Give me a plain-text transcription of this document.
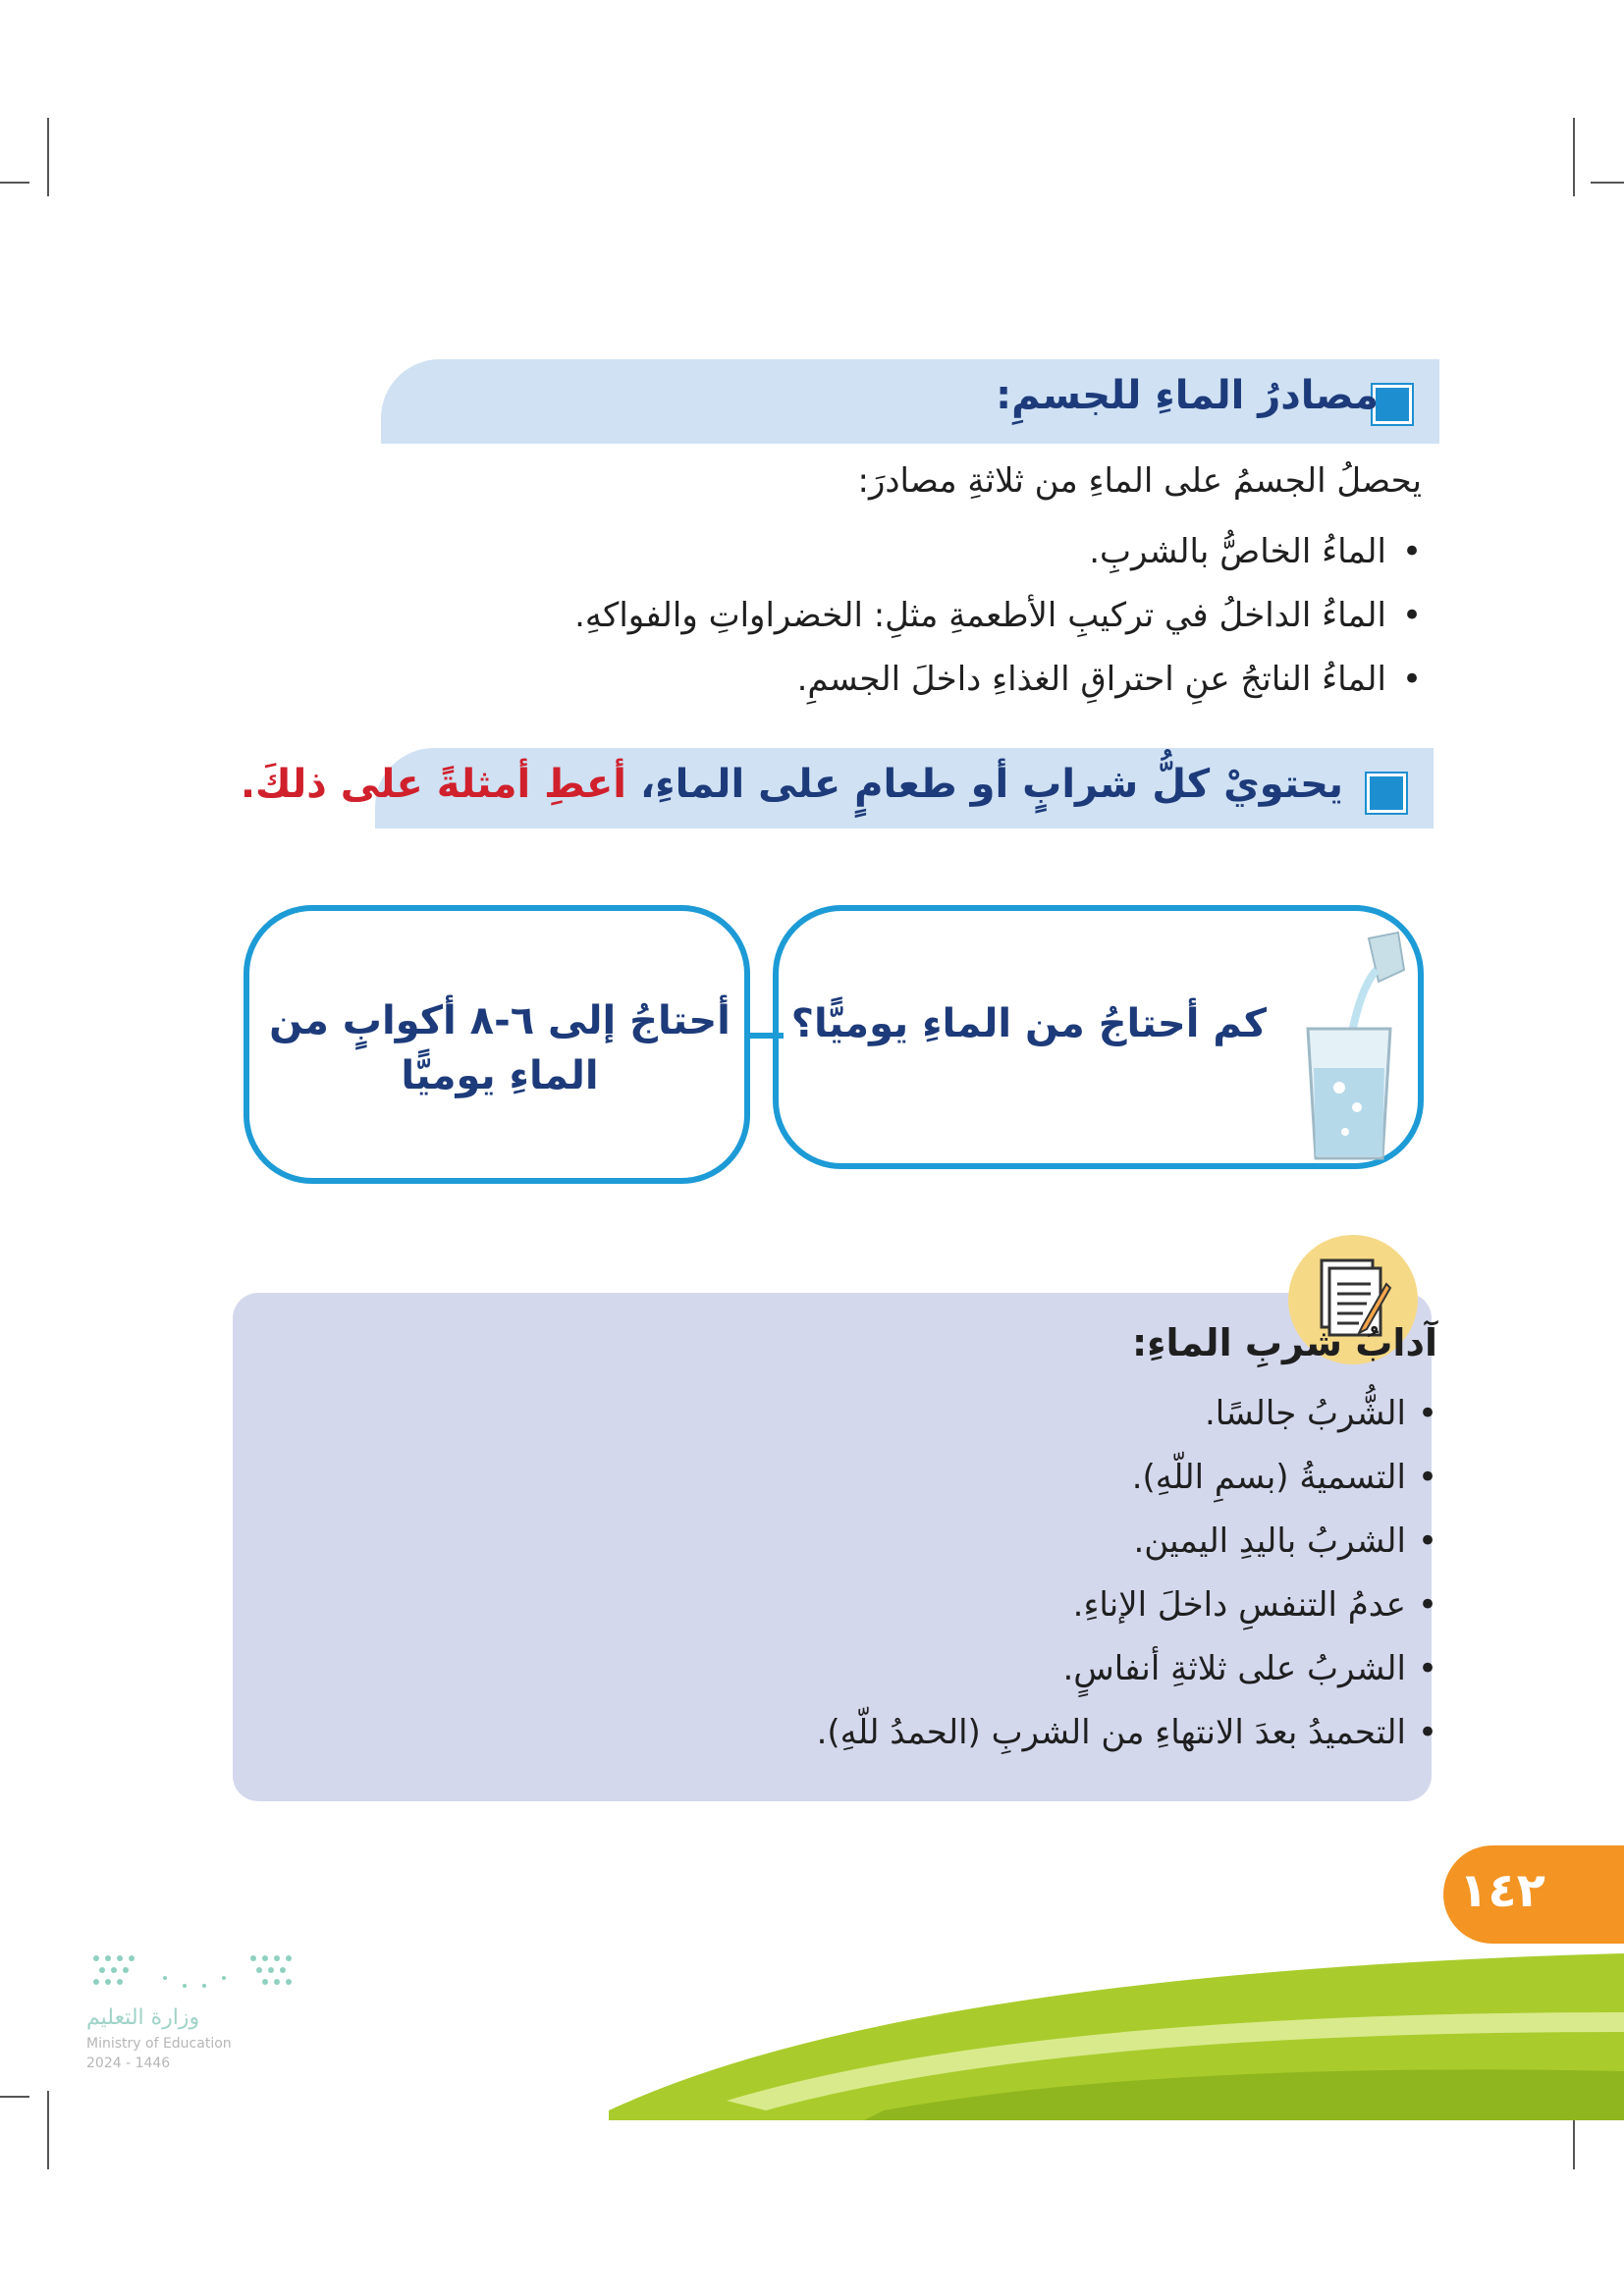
مصادرُ الماءِ للجسمِ:
يحصلُ الجسمُ على الماءِ من ثلاثةِ مصادرَ:
• الماءُ الخاصُّ بالشربِ.
• الماءُ الداخلُ في تركيبِ الأطعمةِ مثلِ: الخضراواتِ والفواكهِ.
• الماءُ الناتجُ عنِ احتراقِ الغذاءِ داخلَ الجسمِ.
يحتويْ كلُّ شرابٍ أو طعامٍ على الماءِ، أعطِ أمثلةً على ذلكَ.
كم أحتاجُ من الماءِ يوميًّا؟
أحتاجُ إلى ٦-٨ أكوابٍ من
الماءِ يوميًّا
آدابُ شربِ الماءِ:
• الشُّربُ جالسًا.
• التسميةُ (بسمِ اللّهِ).
• الشربُ باليدِ اليمين.
• عدمُ التنفسِ داخلَ الإناءِ.
• الشربُ على ثلاثةِ أنفاسٍ.
• التحميدُ بعدَ الانتهاءِ من الشربِ (الحمدُ للّهِ).
١٤٢
وزارة التعليم
Ministry of Education
2024 - 1446
